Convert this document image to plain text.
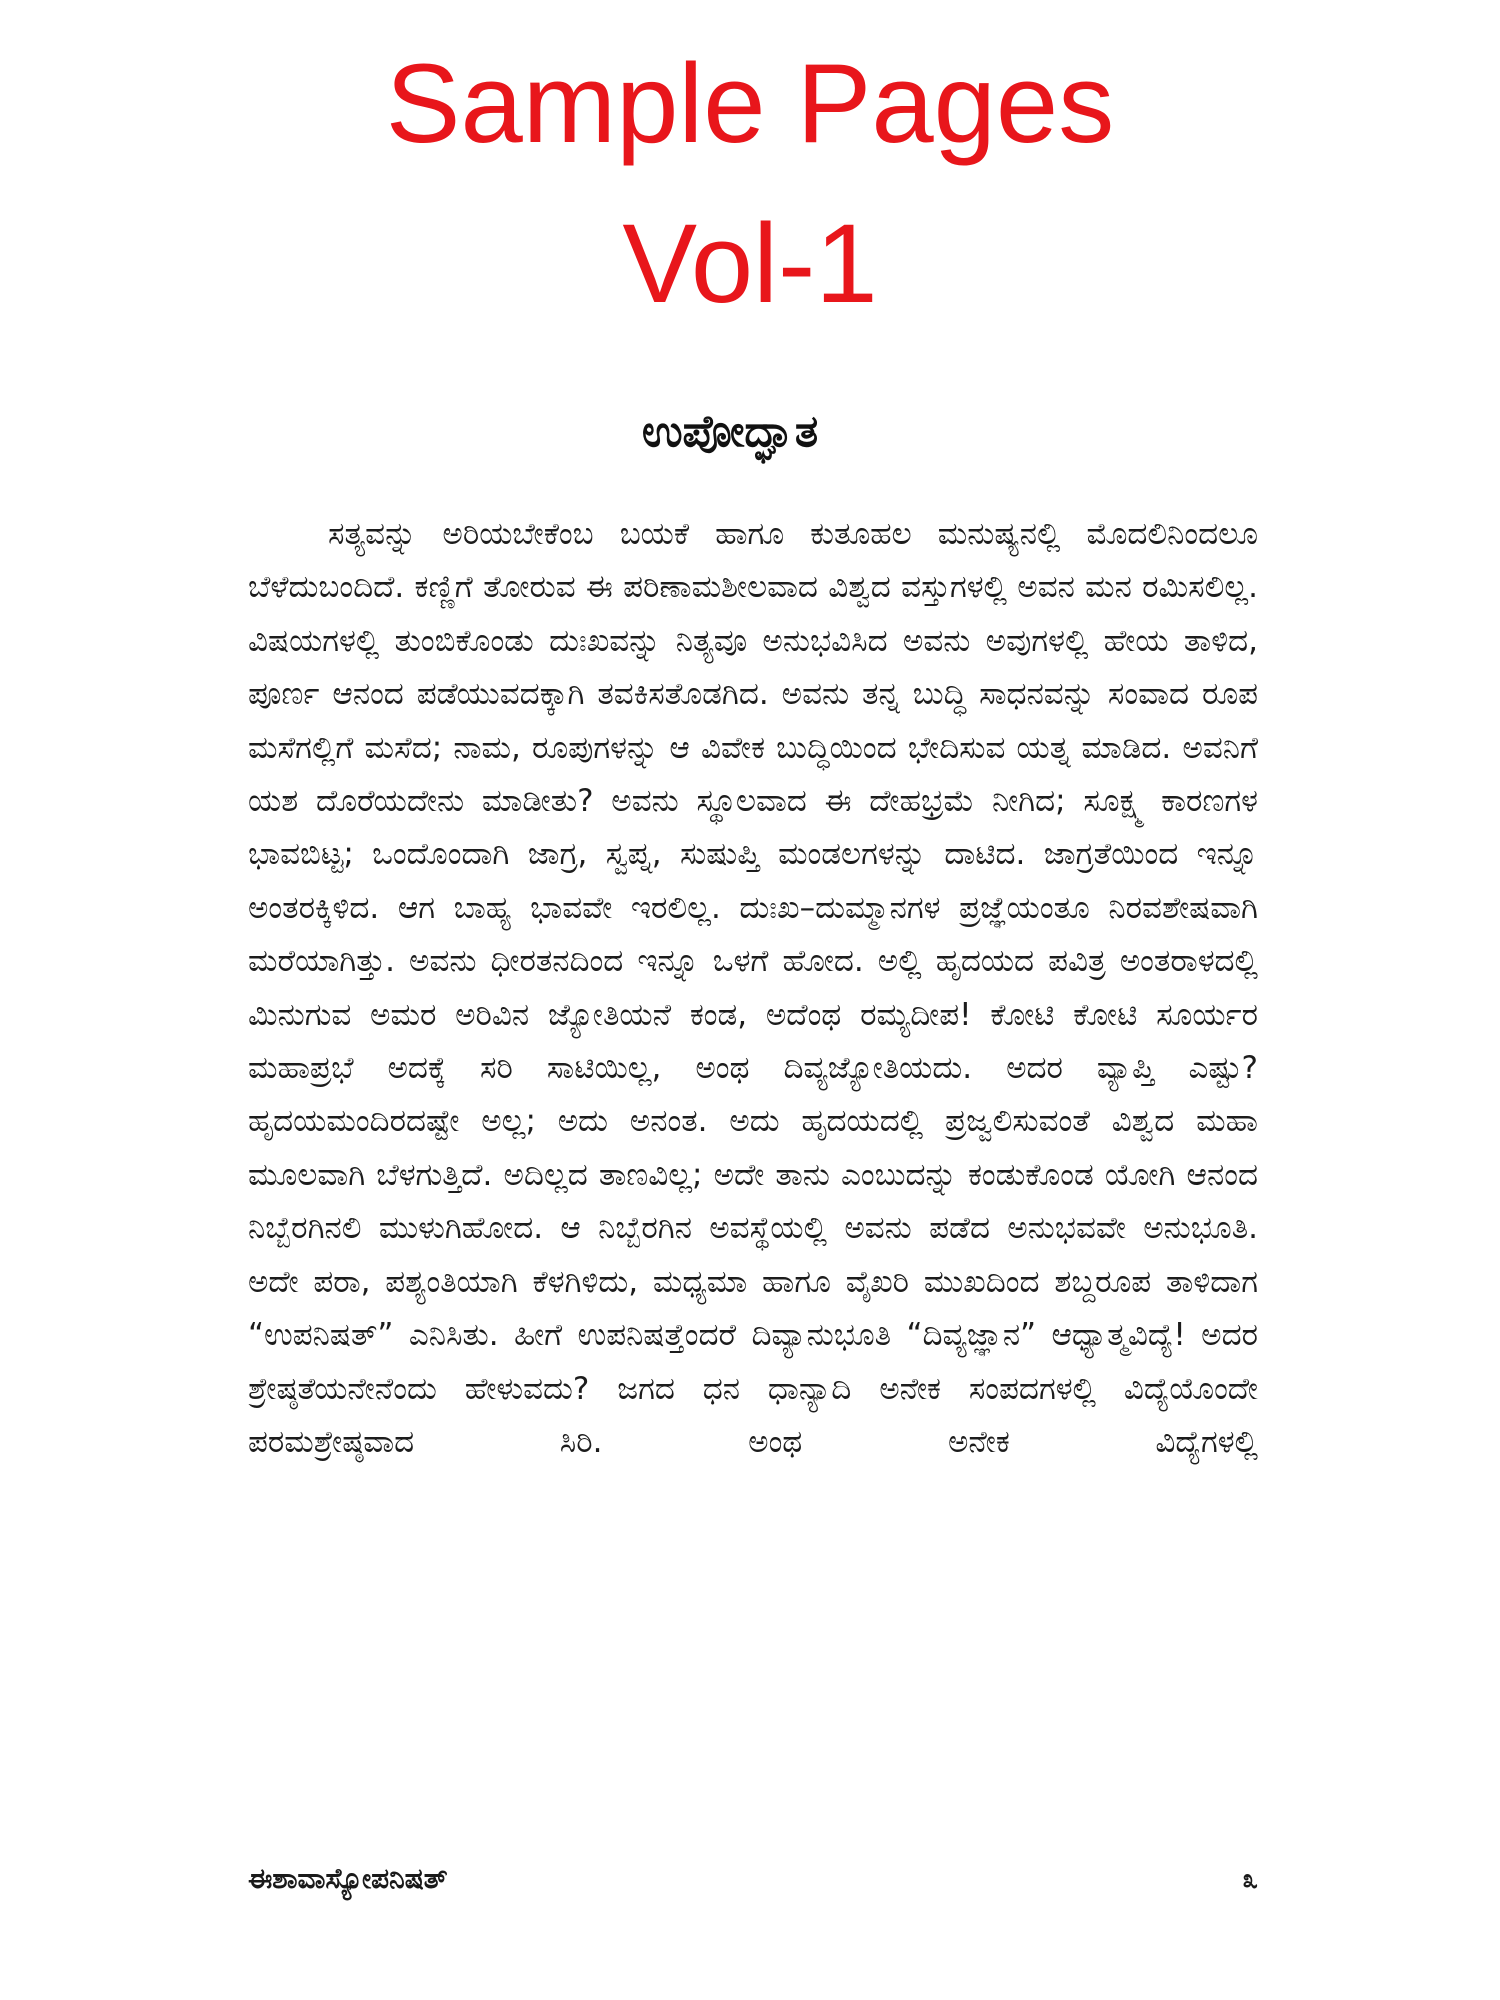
Sample Pages
Vol-1
ಉಪೋದ್ಘಾತ

ಸತ್ಯವನ್ನು ಅರಿಯಬೇಕೆಂಬ ಬಯಕೆ ಹಾಗೂ ಕುತೂಹಲ ಮನುಷ್ಯನಲ್ಲಿ ಮೊದಲಿನಿಂದಲೂ ಬೆಳೆದುಬಂದಿದೆ. ಕಣ್ಣಿಗೆ ತೋರುವ ಈ ಪರಿಣಾಮಶೀಲವಾದ ವಿಶ್ವದ ವಸ್ತುಗಳಲ್ಲಿ ಅವನ ಮನ ರಮಿಸಲಿಲ್ಲ. ವಿಷಯಗಳಲ್ಲಿ ತುಂಬಿಕೊಂಡು ದುಃಖವನ್ನು ನಿತ್ಯವೂ ಅನುಭವಿಸಿದ ಅವನು ಅವುಗಳಲ್ಲಿ ಹೇಯ ತಾಳಿದ, ಪೂರ್ಣ ಆನಂದ ಪಡೆಯುವದಕ್ಕಾಗಿ ತವಕಿಸತೊಡಗಿದ. ಅವನು ತನ್ನ ಬುದ್ಧಿ ಸಾಧನವನ್ನು ಸಂವಾದ ರೂಪ ಮಸೆಗಲ್ಲಿಗೆ ಮಸೆದ; ನಾಮ, ರೂಪುಗಳನ್ನು ಆ ವಿವೇಕ ಬುದ್ಧಿಯಿಂದ ಭೇದಿಸುವ ಯತ್ನ ಮಾಡಿದ. ಅವನಿಗೆ ಯಶ ದೊರೆಯದೇನು ಮಾಡೀತು? ಅವನು ಸ್ಥೂಲವಾದ ಈ ದೇಹಭ್ರಮೆ ನೀಗಿದ; ಸೂಕ್ಷ್ಮ ಕಾರಣಗಳ ಭಾವಬಿಟ್ಟ; ಒಂದೊಂದಾಗಿ ಜಾಗ್ರ, ಸ್ವಪ್ನ, ಸುಷುಪ್ತಿ ಮಂಡಲಗಳನ್ನು ದಾಟಿದ. ಜಾಗ್ರತೆಯಿಂದ ಇನ್ನೂ ಅಂತರಕ್ಕಿಳಿದ. ಆಗ ಬಾಹ್ಯ ಭಾವವೇ ಇರಲಿಲ್ಲ. ದುಃಖ–ದುಮ್ಮಾನಗಳ ಪ್ರಜ್ಞೆಯಂತೂ ನಿರವಶೇಷವಾಗಿ ಮರೆಯಾಗಿತ್ತು. ಅವನು ಧೀರತನದಿಂದ ಇನ್ನೂ ಒಳಗೆ ಹೋದ. ಅಲ್ಲಿ ಹೃದಯದ ಪವಿತ್ರ ಅಂತರಾಳದಲ್ಲಿ ಮಿನುಗುವ ಅಮರ ಅರಿವಿನ ಜ್ಯೋತಿಯನೆ ಕಂಡ, ಅದೆಂಥ ರಮ್ಯದೀಪ! ಕೋಟಿ ಕೋಟಿ ಸೂರ್ಯರ ಮಹಾಪ್ರಭೆ ಅದಕ್ಕೆ ಸರಿ ಸಾಟಿಯಿಲ್ಲ, ಅಂಥ ದಿವ್ಯಜ್ಯೋತಿಯದು. ಅದರ ವ್ಯಾಪ್ತಿ ಎಷ್ಟು? ಹೃದಯಮಂದಿರದಷ್ಟೇ ಅಲ್ಲ; ಅದು ಅನಂತ. ಅದು ಹೃದಯದಲ್ಲಿ ಪ್ರಜ್ವಲಿಸುವಂತೆ ವಿಶ್ವದ ಮಹಾ ಮೂಲವಾಗಿ ಬೆಳಗುತ್ತಿದೆ. ಅದಿಲ್ಲದ ತಾಣವಿಲ್ಲ; ಅದೇ ತಾನು ಎಂಬುದನ್ನು ಕಂಡುಕೊಂಡ ಯೋಗಿ ಆನಂದ ನಿಬ್ಬೆರಗಿನಲಿ ಮುಳುಗಿಹೋದ. ಆ ನಿಬ್ಬೆರಗಿನ ಅವಸ್ಥೆಯಲ್ಲಿ ಅವನು ಪಡೆದ ಅನುಭವವೇ ಅನುಭೂತಿ. ಅದೇ ಪರಾ, ಪಶ್ಯಂತಿಯಾಗಿ ಕೆಳಗಿಳಿದು, ಮಧ್ಯಮಾ ಹಾಗೂ ವೈಖರಿ ಮುಖದಿಂದ ಶಬ್ದರೂಪ ತಾಳಿದಾಗ “ಉಪನಿಷತ್” ಎನಿಸಿತು. ಹೀಗೆ ಉಪನಿಷತ್ತೆಂದರೆ ದಿವ್ಯಾನುಭೂತಿ “ದಿವ್ಯಜ್ಞಾನ” ಆಧ್ಯಾತ್ಮವಿದ್ಯೆ! ಅದರ ಶ್ರೇಷ್ಠತೆಯನೇನೆಂದು ಹೇಳುವದು? ಜಗದ ಧನ ಧಾನ್ಯಾದಿ ಅನೇಕ ಸಂಪದಗಳಲ್ಲಿ ವಿದ್ಯೆಯೊಂದೇ ಪರಮಶ್ರೇಷ್ಠವಾದ ಸಿರಿ. ಅಂಥ ಅನೇಕ ವಿದ್ಯೆಗಳಲ್ಲಿ

ಈಶಾವಾಸ್ಯೋಪನಿಷತ್	೩
